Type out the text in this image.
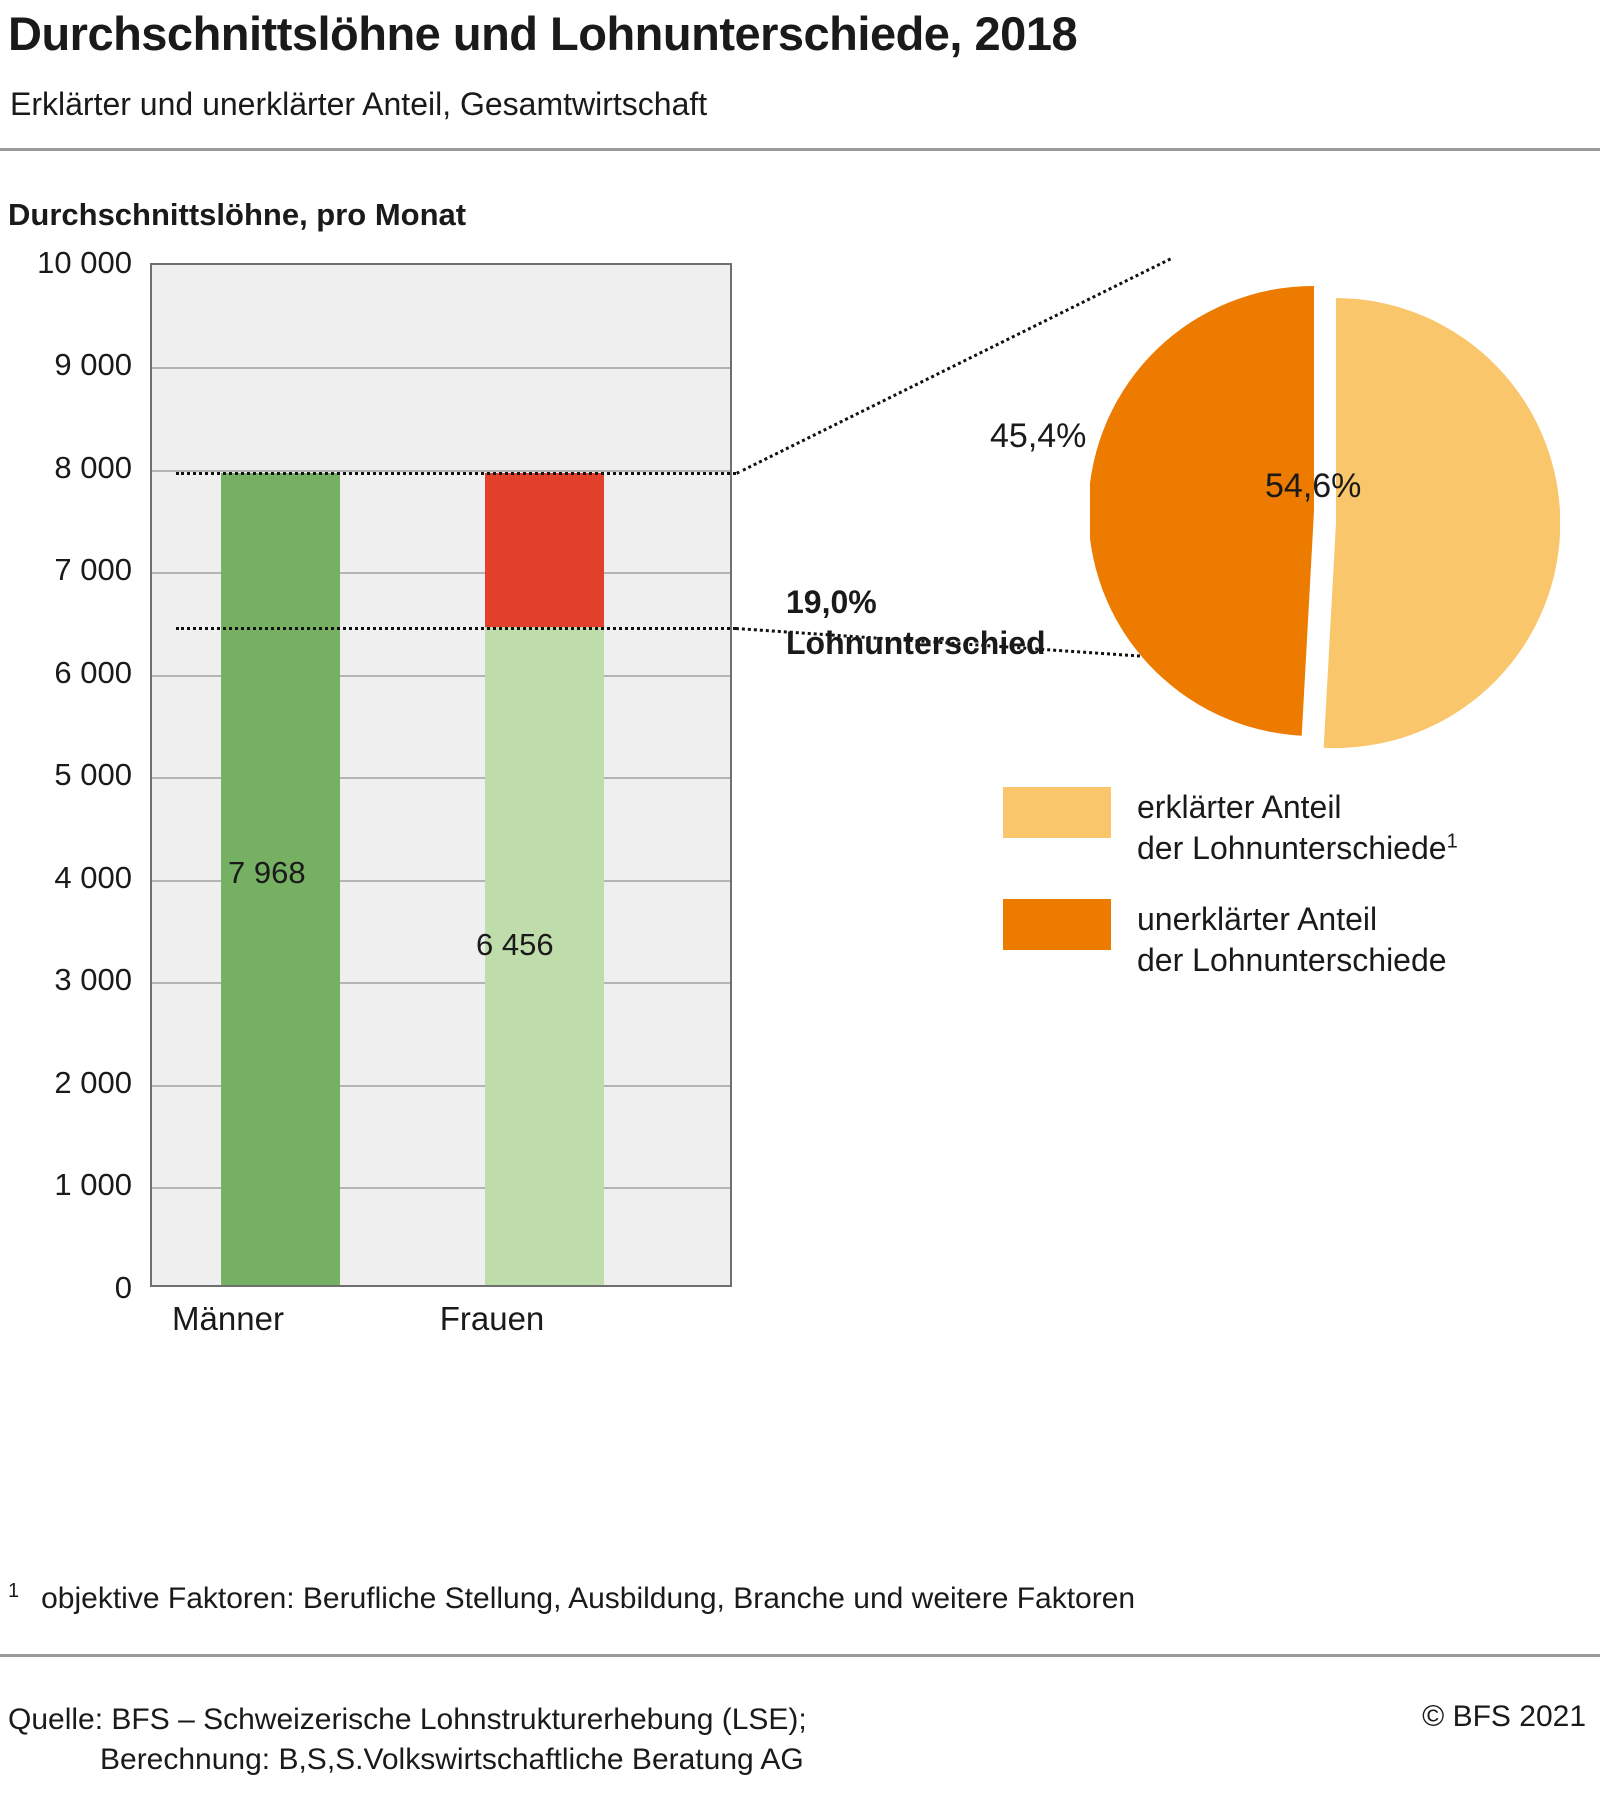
Durchschnittslöhne und Lohnunterschiede, 2018
Erklärter und unerklärter Anteil, Gesamtwirtschaft
Durchschnittslöhne, pro Monat
10 000
9 000
8 000
7 000
6 000
5 000
4 000
3 000
2 000
1 000
0
7 968
6 456
Männer	Frauen
19,0%
Lohnunterschied
45,4%
54,6%
erklärter Anteil
der Lohnunterschiede$^1$
unerklärter Anteil
der Lohnunterschiede
$^1$ objektive Faktoren: Berufliche Stellung, Ausbildung, Branche und weitere Faktoren
Quelle: BFS – Schweizerische Lohnstrukturerhebung (LSE);
Berechnung: B,S,S.Volkswirtschaftliche Beratung AG
© BFS 2021
